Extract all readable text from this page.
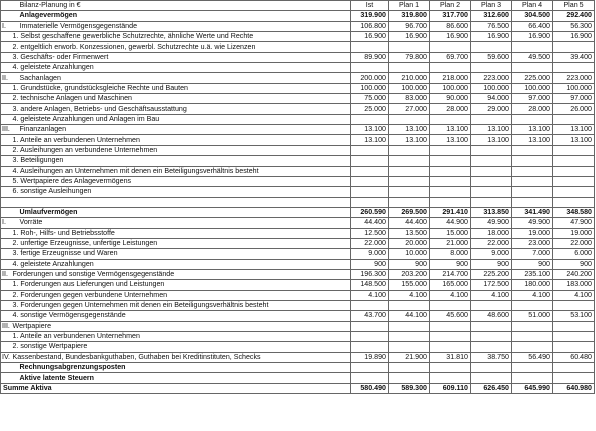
	Bilanz-Planung in €	Ist	Plan 1	Plan 2	Plan 3	Plan 4	Plan 5
	Anlagevermögen	319.900	319.800	317.700	312.600	304.500	292.400
I.	Immaterielle Vermögensgegenstände	106.800	96.700	86.600	76.500	66.400	56.300
	1. Selbst geschaffene gewerbliche Schutzrechte, ähnliche Werte und Rechte	16.900	16.900	16.900	16.900	16.900	16.900
	2. entgeltlich erworb. Konzessionen, gewerbl. Schutzrechte u.ä. wie Lizenzen						
	3. Geschäfts- oder Firmenwert	89.900	79.800	69.700	59.600	49.500	39.400
	4. geleistete Anzahlungen						
II.	Sachanlagen	200.000	210.000	218.000	223.000	225.000	223.000
	1. Grundstücke, grundstücksgleiche Rechte und Bauten	100.000	100.000	100.000	100.000	100.000	100.000
	2. technische Anlagen und Maschinen	75.000	83.000	90.000	94.000	97.000	97.000
	3. andere Anlagen, Betriebs- und Geschäftsausstattung	25.000	27.000	28.000	29.000	28.000	26.000
	4. geleistete Anzahlungen und Anlagen im Bau						
III.	Finanzanlagen	13.100	13.100	13.100	13.100	13.100	13.100
	1. Anteile an verbundenen Unternehmen	13.100	13.100	13.100	13.100	13.100	13.100
	2. Ausleihungen an verbundene Unternehmen						
	3. Beteiligungen						
	4. Ausleihungen an Unternehmen mit denen ein Beteiligungsverhältnis besteht						
	5. Wertpapiere des Anlagevermögens						
	6. sonstige Ausleihungen						

	Umlaufvermögen	260.590	269.500	291.410	313.850	341.490	348.580
I.	Vorräte	44.400	44.400	44.900	49.900	49.900	47.900
	1. Roh-, Hilfs- und Betriebsstoffe	12.500	13.500	15.000	18.000	19.000	19.000
	2. unfertige Erzeugnisse, unfertige Leistungen	22.000	20.000	21.000	22.000	23.000	22.000
	3. fertige Erzeugnisse und Waren	9.000	10.000	8.000	9.000	7.000	6.000
	4. geleistete Anzahlungen	900	900	900	900	900	900
II.	Forderungen und sonstige Vermögensgegenstände	196.300	203.200	214.700	225.200	235.100	240.200
	1. Forderungen aus Lieferungen und Leistungen	148.500	155.000	165.000	172.500	180.000	183.000
	2. Forderungen gegen verbundene Unternehmen	4.100	4.100	4.100	4.100	4.100	4.100
	3. Forderungen gegen Unternehmen mit denen ein Beteiligungsverhältnis besteht						
	4. sonstige Vermögensgegenstände	43.700	44.100	45.600	48.600	51.000	53.100
III.	Wertpapiere						
	1. Anteile an verbundenen Unternehmen						
	2. sonstige Wertpapiere						
IV.	Kassenbestand, Bundesbankguthaben, Guthaben bei Kreditinstituten, Schecks	19.890	21.900	31.810	38.750	56.490	60.480
	Rechnungsabgrenzungsposten						
	Aktive latente Steuern						
Summe Aktiva		580.490	589.300	609.110	626.450	645.990	640.980
